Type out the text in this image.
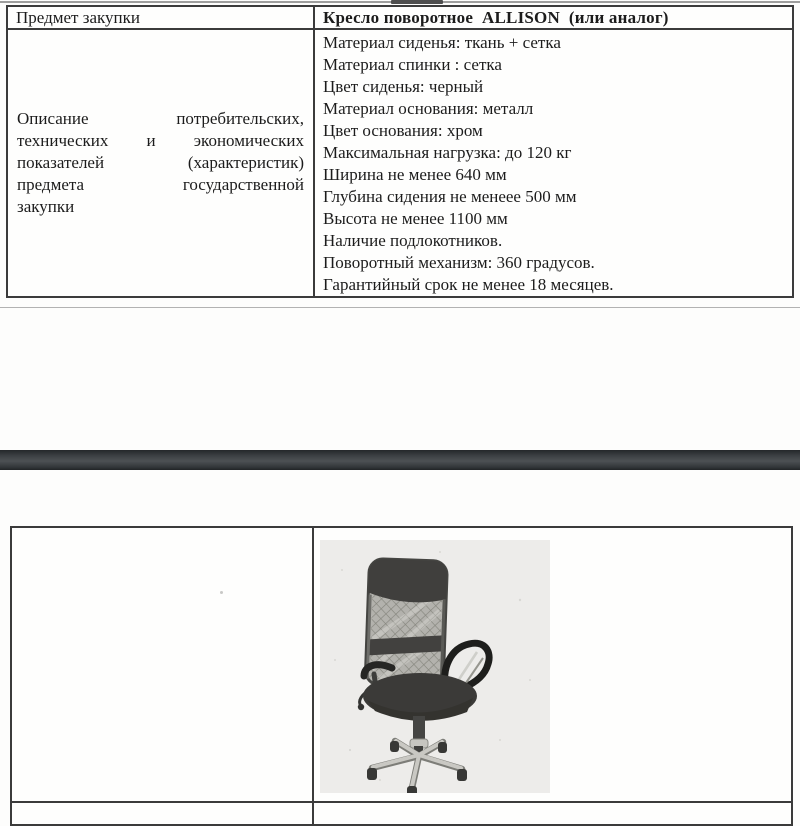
Предмет закупки	Кресло поворотное  ALLISON  (или аналог)
Описание потребительских,
технических и экономических
показателей (характеристик)
предмета государственной
закупки
Материал сиденья: ткань + сетка
Материал спинки : сетка
Цвет сиденья: черный
Материал основания: металл
Цвет основания: хром
Максимальная нагрузка: до 120 кг
Ширина не менее 640 мм
Глубина сидения не менеее 500 мм
Высота не менее 1100 мм
Наличие подлокотников.
Поворотный механизм: 360 градусов.
Гарантийный срок не менее 18 месяцев.
